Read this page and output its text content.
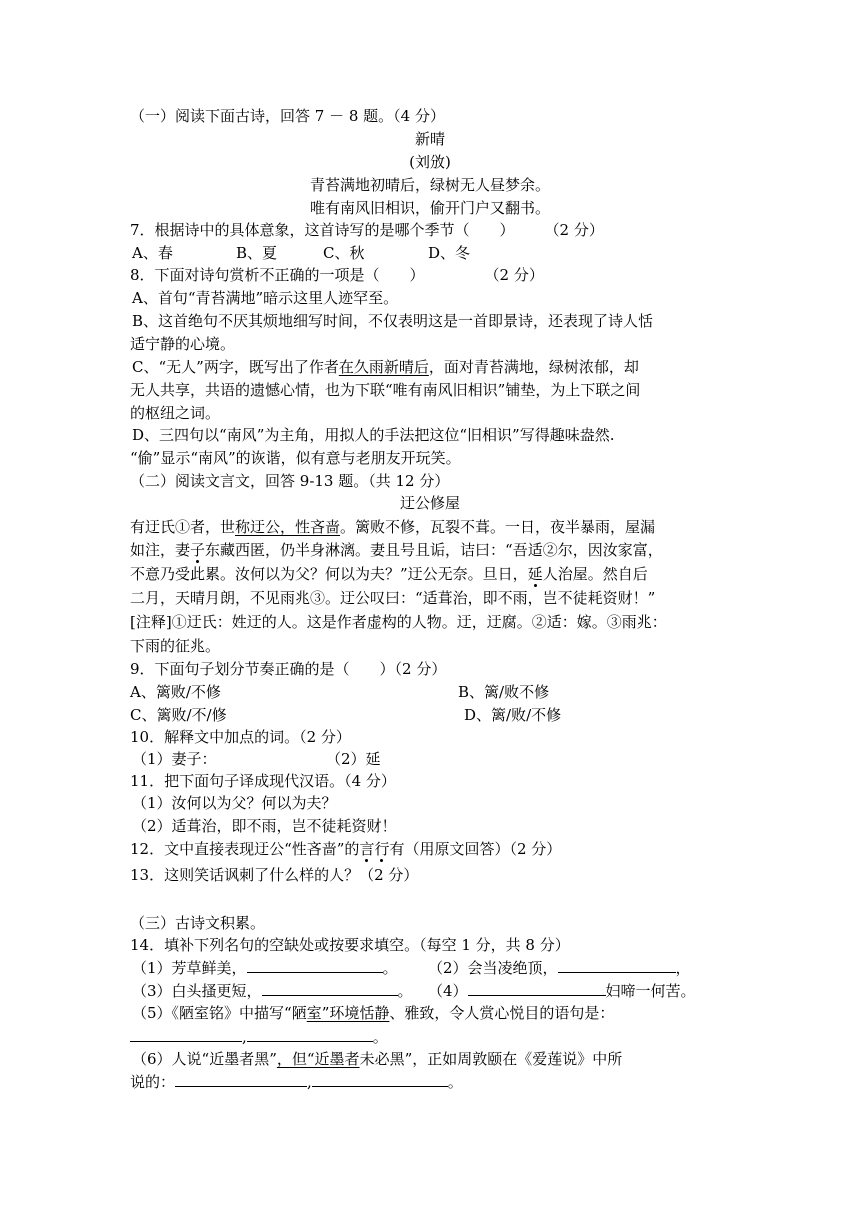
（一）阅读下面古诗，回答 7 － 8 题。（4 分）
新晴
(刘攽)
青苔满地初晴后，绿树无人昼梦余。
唯有南风旧相识，偷开门户又翻书。
7．根据诗中的具体意象，这首诗写的是哪个季节（　　）　　　（2 分）
A、春	B、夏	C、秋	D、冬
8．下面对诗句赏析不正确的一项是（　　）　　　　　（2 分）
A、首句“青苔满地”暗示这里人迹罕至。
B、这首绝句不厌其烦地细写时间，不仅表明这是一首即景诗，还表现了诗人恬
适宁静的心境。
C、“无人”两字，既写出了作者在久雨新晴后，面对青苔满地，绿树浓郁，却
无人共享，共语的遗憾心情，也为下联“唯有南风旧相识”铺垫，为上下联之间
的枢纽之词。
D、三四句以“南风”为主角，用拟人的手法把这位“旧相识”写得趣味盎然.
“偷”显示“南风”的诙谐，似有意与老朋友开玩笑。
（二）阅读文言文，回答 9-13 题。（共 12 分）
迂公修屋
有迂氏①者，世称迂公，性吝啬。篱败不修，瓦裂不葺。一日，夜半暴雨，屋漏
如注，妻子东藏西匿，仍半身淋漓。妻且号且诟，诘曰：“吾适②尔，因汝家富，
不意乃受此累。汝何以为父？何以为夫？”迂公无奈。旦日，延人治屋。然自后
二月，天晴月朗，不见雨兆③。迂公叹曰：“适葺治，即不雨，岂不徒耗资财！”
[注释]①迂氏：姓迂的人。这是作者虚构的人物。迂，迂腐。②适：嫁。③雨兆：
下雨的征兆。
9．下面句子划分节奏正确的是（　　）（2 分）
A、篱败/不修	B、篱/败不修
C、篱败/不/修	D、篱/败/不修
10．解释文中加点的词。（2 分）
（1）妻子：	（2）延
11．把下面句子译成现代汉语。（4 分）
（1）汝何以为父？何以为夫？
（2）适葺治，即不雨，岂不徒耗资财！
12．文中直接表现迂公“性吝啬”的言行有（用原文回答）（2 分）
13．这则笑话讽刺了什么样的人？（2 分）
（三）古诗文积累。
14．填补下列名句的空缺处或按要求填空。（每空 1 分，共 8 分）
（1）芳草鲜美，	。 （2）会当凌绝顶，	，
（3）白头搔更短，	。 （4）	妇啼一何苦。
（5）《陋室铭》中描写“陋室”环境恬静、雅致，令人赏心悦目的语句是：
,	。
（6）人说“近墨者黑”，但“近墨者未必黑”，正如周敦颐在《爱莲说》中所
说的：	,	。
